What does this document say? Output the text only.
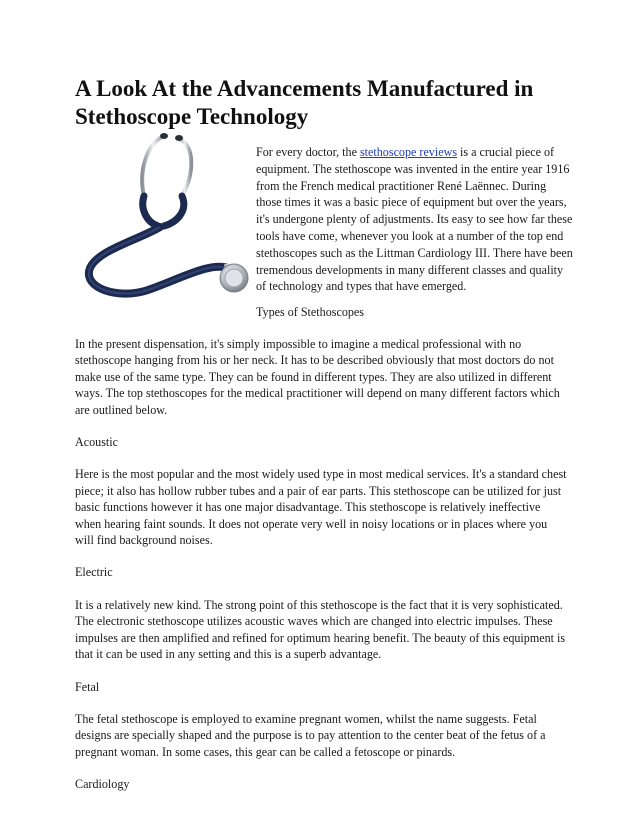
A Look At the Advancements Manufactured in Stethoscope Technology

For every doctor, the stethoscope reviews is a crucial piece of equipment. The stethoscope was invented in the entire year 1916 from the French medical practitioner René Laënnec. During those times it was a basic piece of equipment but over the years, it's undergone plenty of adjustments. Its easy to see how far these tools have come, whenever you look at a number of the top end stethoscopes such as the Littman Cardiology III. There have been tremendous developments in many different classes and quality of technology and types that have emerged.

Types of Stethoscopes

In the present dispensation, it's simply impossible to imagine a medical professional with no stethoscope hanging from his or her neck. It has to be described obviously that most doctors do not make use of the same type. They can be found in different types. They are also utilized in different ways. The top stethoscopes for the medical practitioner will depend on many different factors which are outlined below.

Acoustic

Here is the most popular and the most widely used type in most medical services. It's a standard chest piece; it also has hollow rubber tubes and a pair of ear parts. This stethoscope can be utilized for just basic functions however it has one major disadvantage. This stethoscope is relatively ineffective when hearing faint sounds. It does not operate very well in noisy locations or in places where you will find background noises.

Electric

It is a relatively new kind. The strong point of this stethoscope is the fact that it is very sophisticated. The electronic stethoscope utilizes acoustic waves which are changed into electric impulses. These impulses are then amplified and refined for optimum hearing benefit. The beauty of this equipment is that it can be used in any setting and this is a superb advantage.

Fetal

The fetal stethoscope is employed to examine pregnant women, whilst the name suggests. Fetal designs are specially shaped and the purpose is to pay attention to the center beat of the fetus of a pregnant woman. In some cases, this gear can be called a fetoscope or pinards.

Cardiology
